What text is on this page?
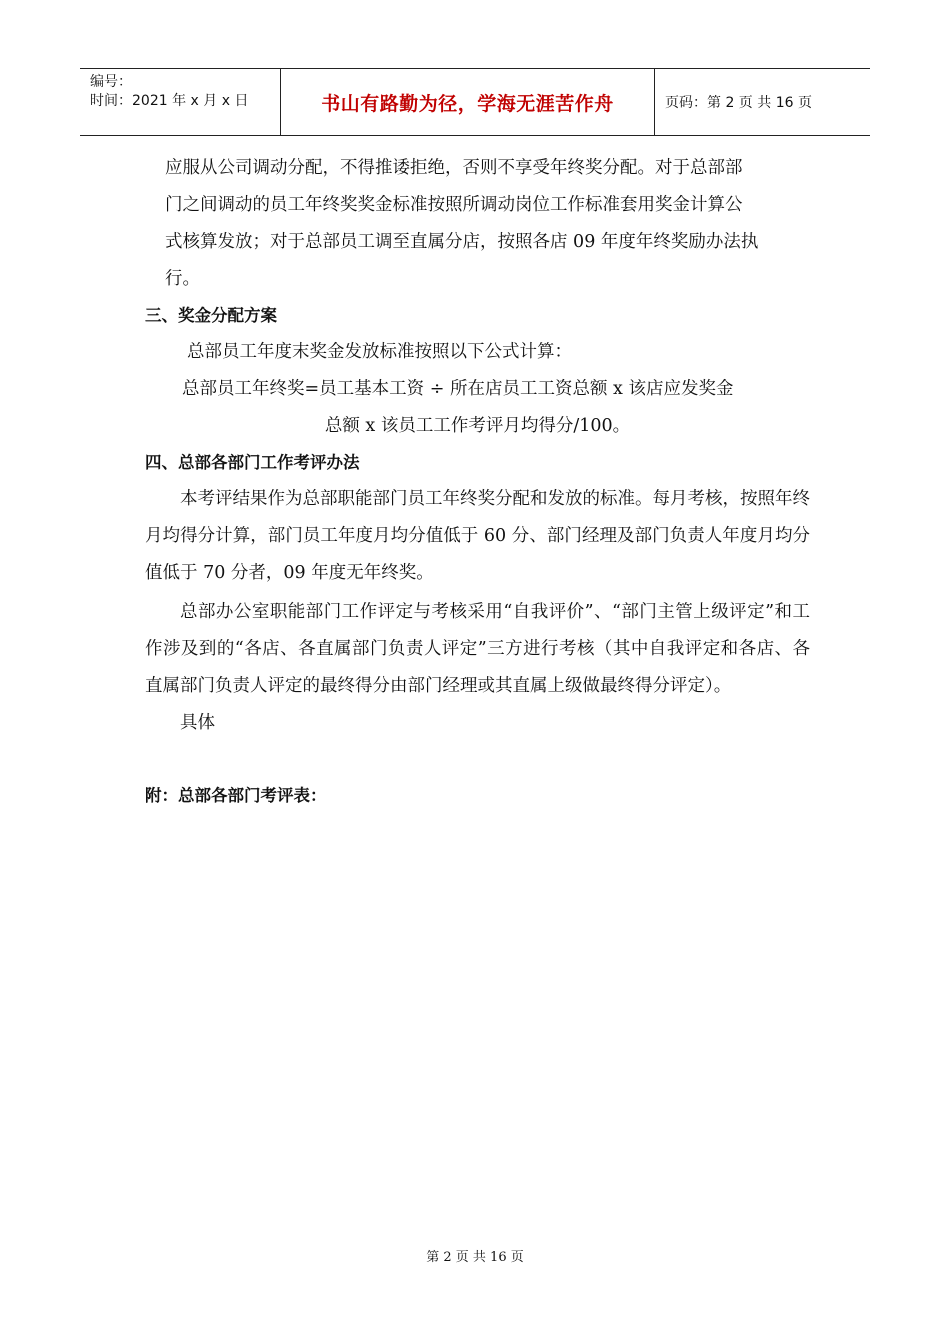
编号：
时间：2021 年 x 月 x 日	书山有路勤为径，学海无涯苦作舟	页码：第 2 页 共 16 页

应服从公司调动分配，不得推诿拒绝，否则不享受年终奖分配。对于总部部

门之间调动的员工年终奖奖金标准按照所调动岗位工作标准套用奖金计算公

式核算发放；对于总部员工调至直属分店，按照各店 09 年度年终奖励办法执

行。

三、奖金分配方案

总部员工年度末奖金发放标准按照以下公式计算：

总部员工年终奖=员工基本工资 ÷ 所在店员工工资总额 x 该店应发奖金

总额 x 该员工工作考评月均得分/100。

四、总部各部门工作考评办法

本考评结果作为总部职能部门员工年终奖分配和发放的标准。每月考核，按照年终月均得分计算，部门员工年度月均分值低于 60 分、部门经理及部门负责人年度月均分值低于 70 分者，09 年度无年终奖。

总部办公室职能部门工作评定与考核采用“自我评价”、“部门主管上级评定”和工作涉及到的“各店、各直属部门负责人评定”三方进行考核（其中自我评定和各店、各直属部门负责人评定的最终得分由部门经理或其直属上级做最终得分评定）。

具体

附：总部各部门考评表：

第 2 页 共 16 页
